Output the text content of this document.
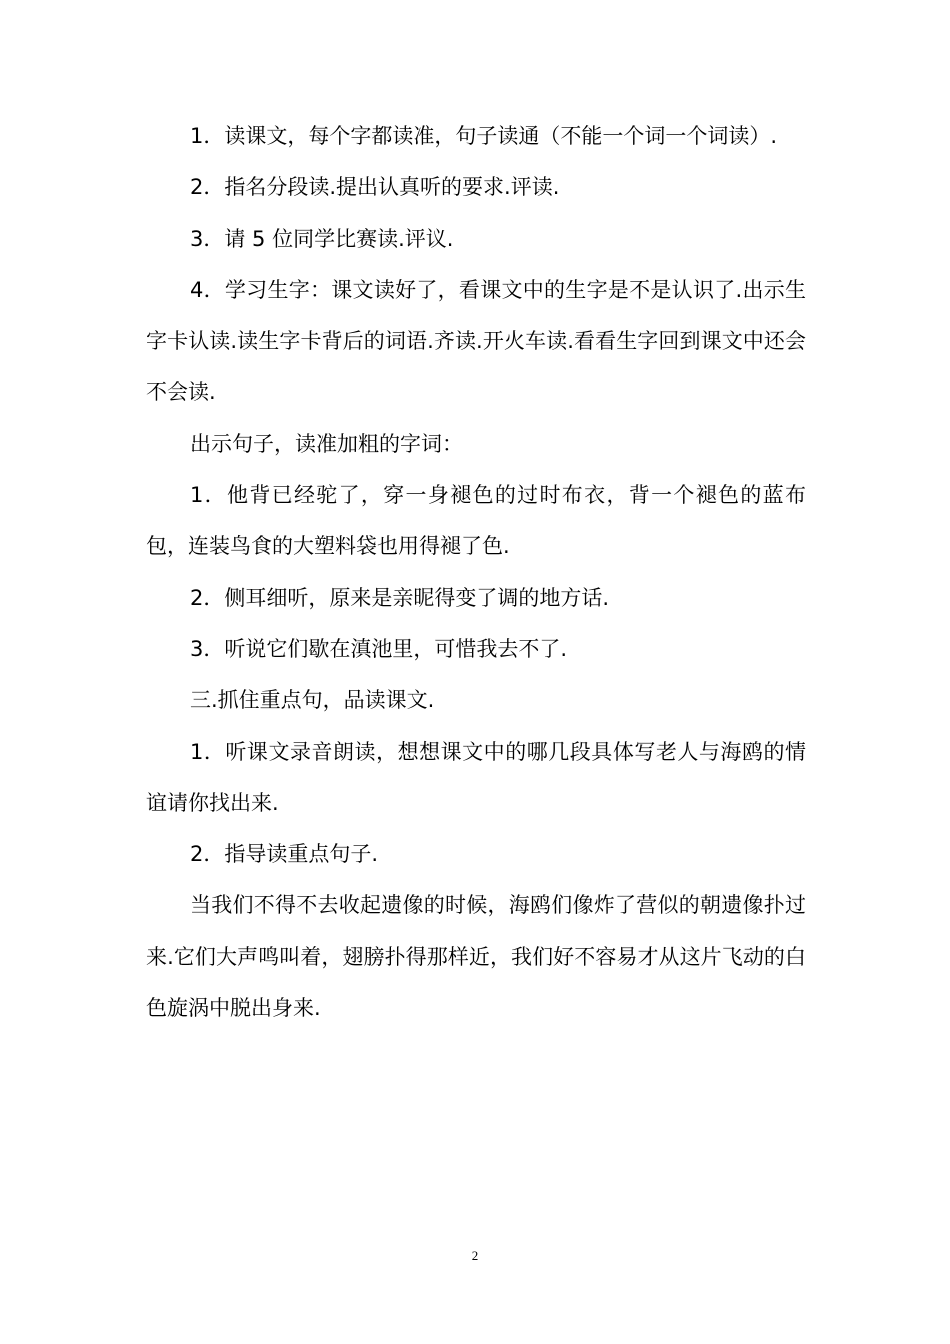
1．读课文，每个字都读准，句子读通（不能一个词一个词读）.

2．指名分段读.提出认真听的要求.评读.

3．请 5 位同学比赛读.评议.

4．学习生字：课文读好了，看课文中的生字是不是认识了.出示生字卡认读.读生字卡背后的词语.齐读.开火车读.看看生字回到课文中还会不会读.

出示句子，读准加粗的字词：

1．他背已经驼了，穿一身褪色的过时布衣，背一个褪色的蓝布包，连装鸟食的大塑料袋也用得褪了色.

2．侧耳细听，原来是亲昵得变了调的地方话.

3．听说它们歇在滇池里，可惜我去不了.

三.抓住重点句，品读课文.

1．听课文录音朗读，想想课文中的哪几段具体写老人与海鸥的情谊请你找出来.

2．指导读重点句子.

当我们不得不去收起遗像的时候，海鸥们像炸了营似的朝遗像扑过来.它们大声鸣叫着，翅膀扑得那样近，我们好不容易才从这片飞动的白色旋涡中脱出身来.

2
